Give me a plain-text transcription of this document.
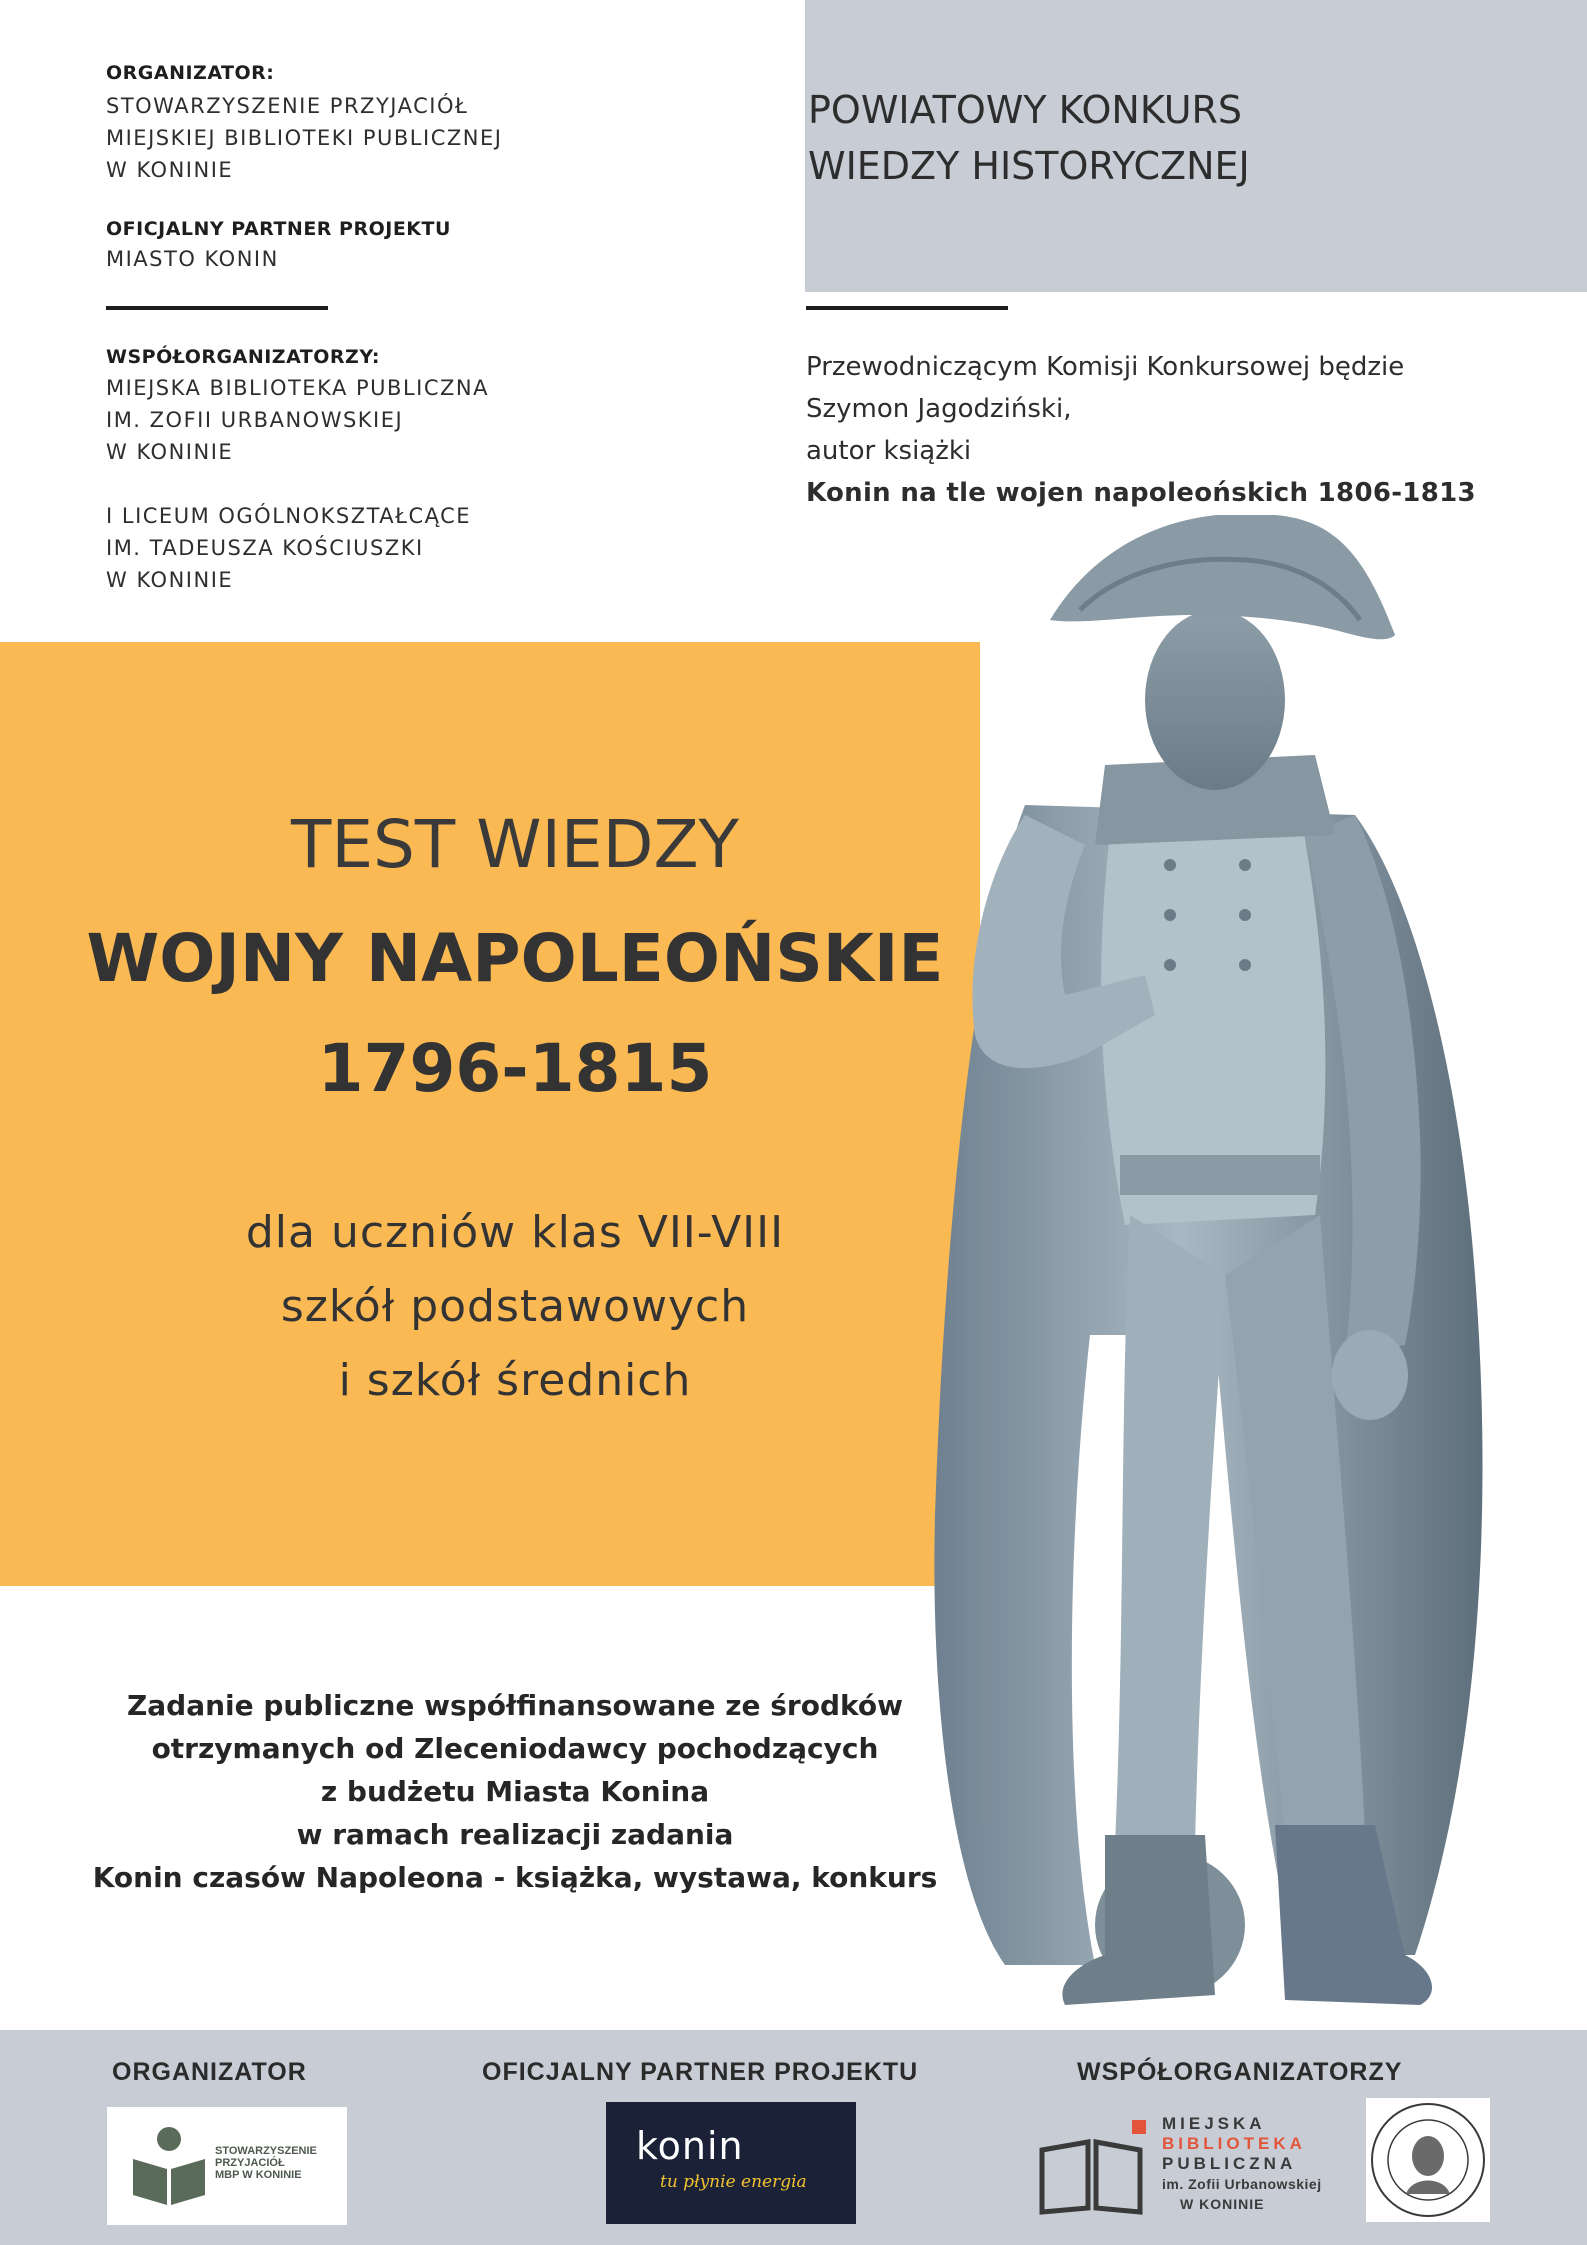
ORGANIZATOR:
STOWARZYSZENIE PRZYJACIÓŁ
MIEJSKIEJ BIBLIOTEKI PUBLICZNEJ
W KONINIE
OFICJALNY PARTNER PROJEKTU
MIASTO KONIN
WSPÓŁORGANIZATORZY:
MIEJSKA BIBLIOTEKA PUBLICZNA
IM. ZOFII URBANOWSKIEJ
W KONINIE
I LICEUM OGÓLNOKSZTAŁCĄCE
IM. TADEUSZA KOŚCIUSZKI
W KONINIE
POWIATOWY KONKURS
WIEDZY HISTORYCZNEJ
Przewodniczącym Komisji Konkursowej będzie
Szymon Jagodziński,
autor książki
Konin na tle wojen napoleońskich 1806-1813
TEST WIEDZY
WOJNY NAPOLEOŃSKIE
1796-1815
dla uczniów klas VII-VIII
szkół podstawowych
i szkół średnich
Zadanie publiczne współfinansowane ze środków
otrzymanych od Zleceniodawcy pochodzących
z budżetu Miasta Konina
w ramach realizacji zadania
Konin czasów Napoleona - książka, wystawa, konkurs
ORGANIZATOR	OFICJALNY PARTNER PROJEKTU	WSPÓŁORGANIZATORZY
STOWARZYSZENIE
PRZYJACIÓŁ
MBP W KONINIE
konin
tu płynie energia
MIEJSKA
BIBLIOTEKA
PUBLICZNA
im. Zofii Urbanowskiej
W KONINIE
